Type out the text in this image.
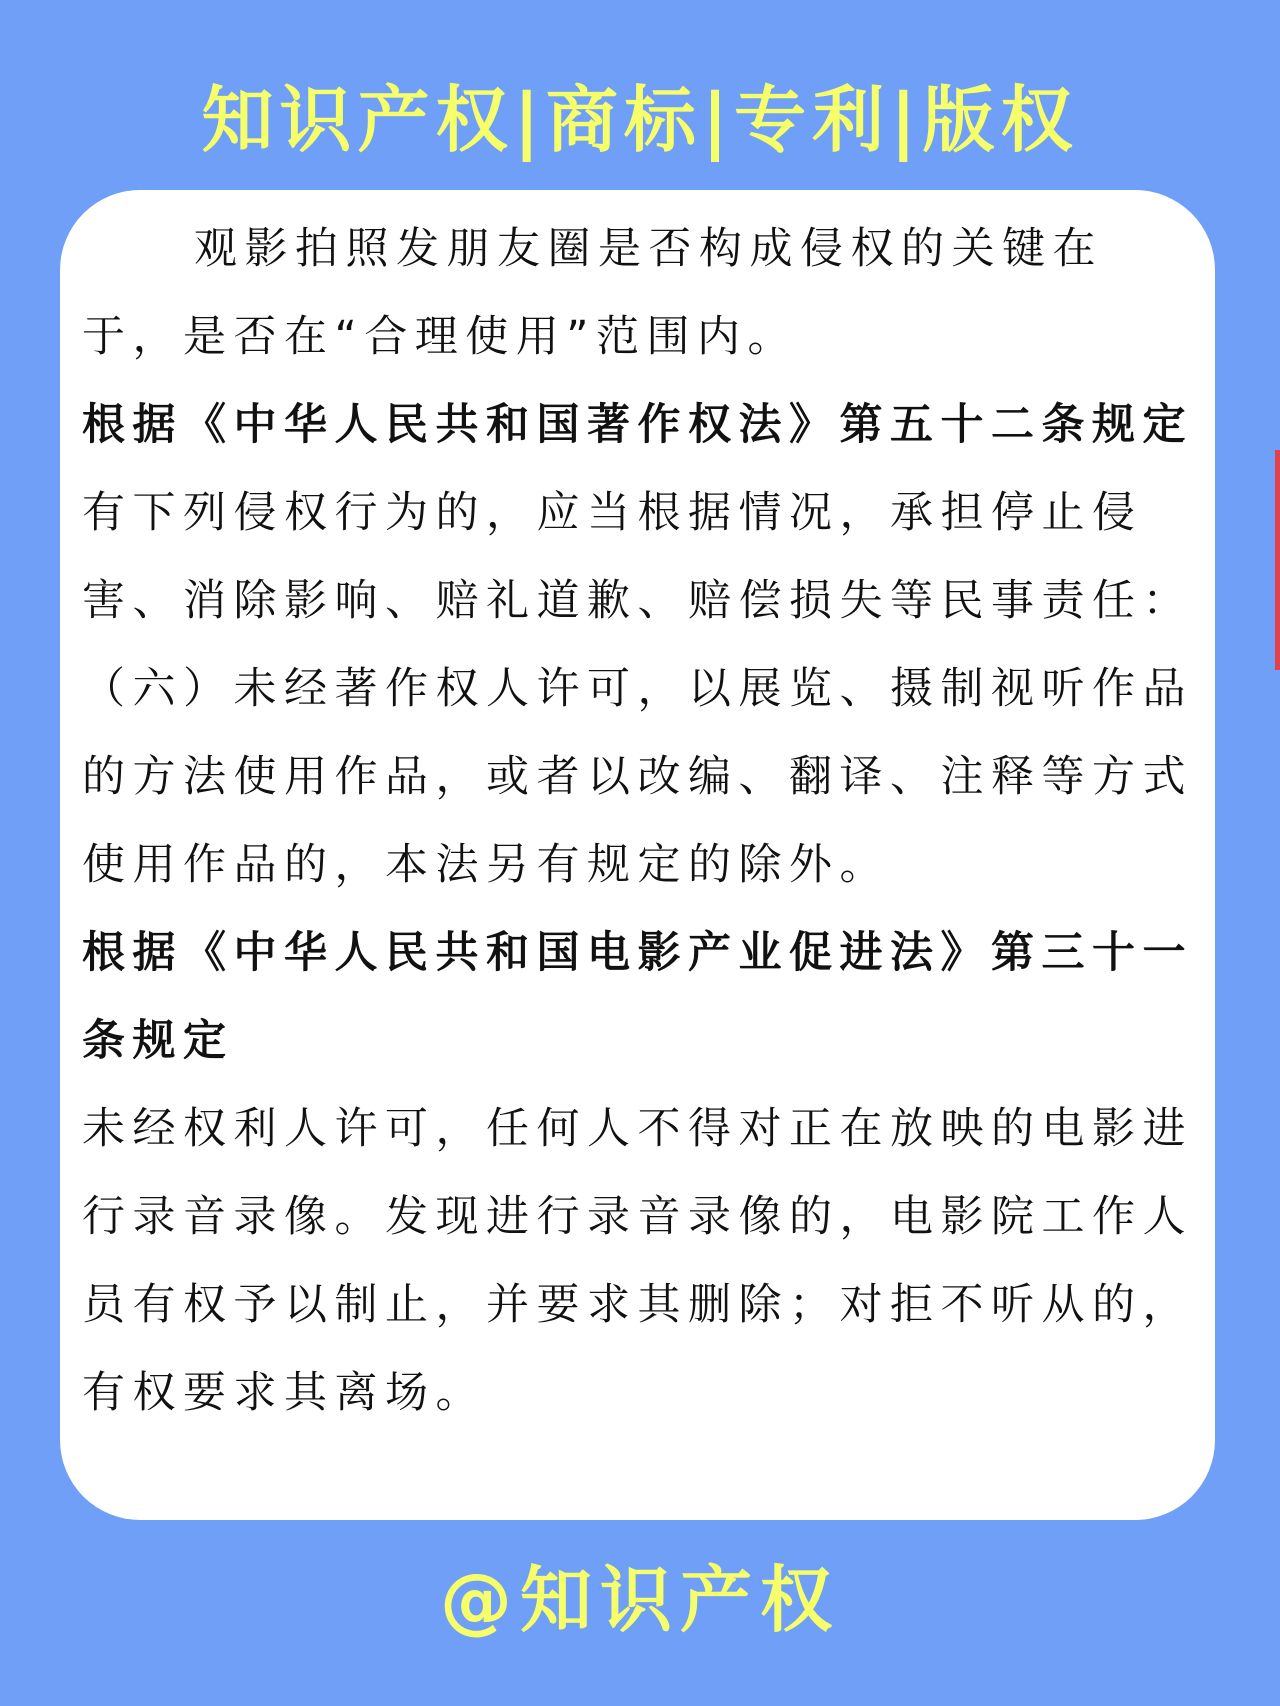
知识产权|商标|专利|版权

观影拍照发朋友圈是否构成侵权的关键在于，是否在“合理使用”范围内。

根据《中华人民共和国著作权法》第五十二条规定

有下列侵权行为的，应当根据情况，承担停止侵害、消除影响、赔礼道歉、赔偿损失等民事责任：

（六）未经著作权人许可，以展览、摄制视听作品的方法使用作品，或者以改编、翻译、注释等方式使用作品的，本法另有规定的除外。

根据《中华人民共和国电影产业促进法》第三十一条规定

未经权利人许可，任何人不得对正在放映的电影进行录音录像。发现进行录音录像的，电影院工作人员有权予以制止，并要求其删除；对拒不听从的，有权要求其离场。

@知识产权
